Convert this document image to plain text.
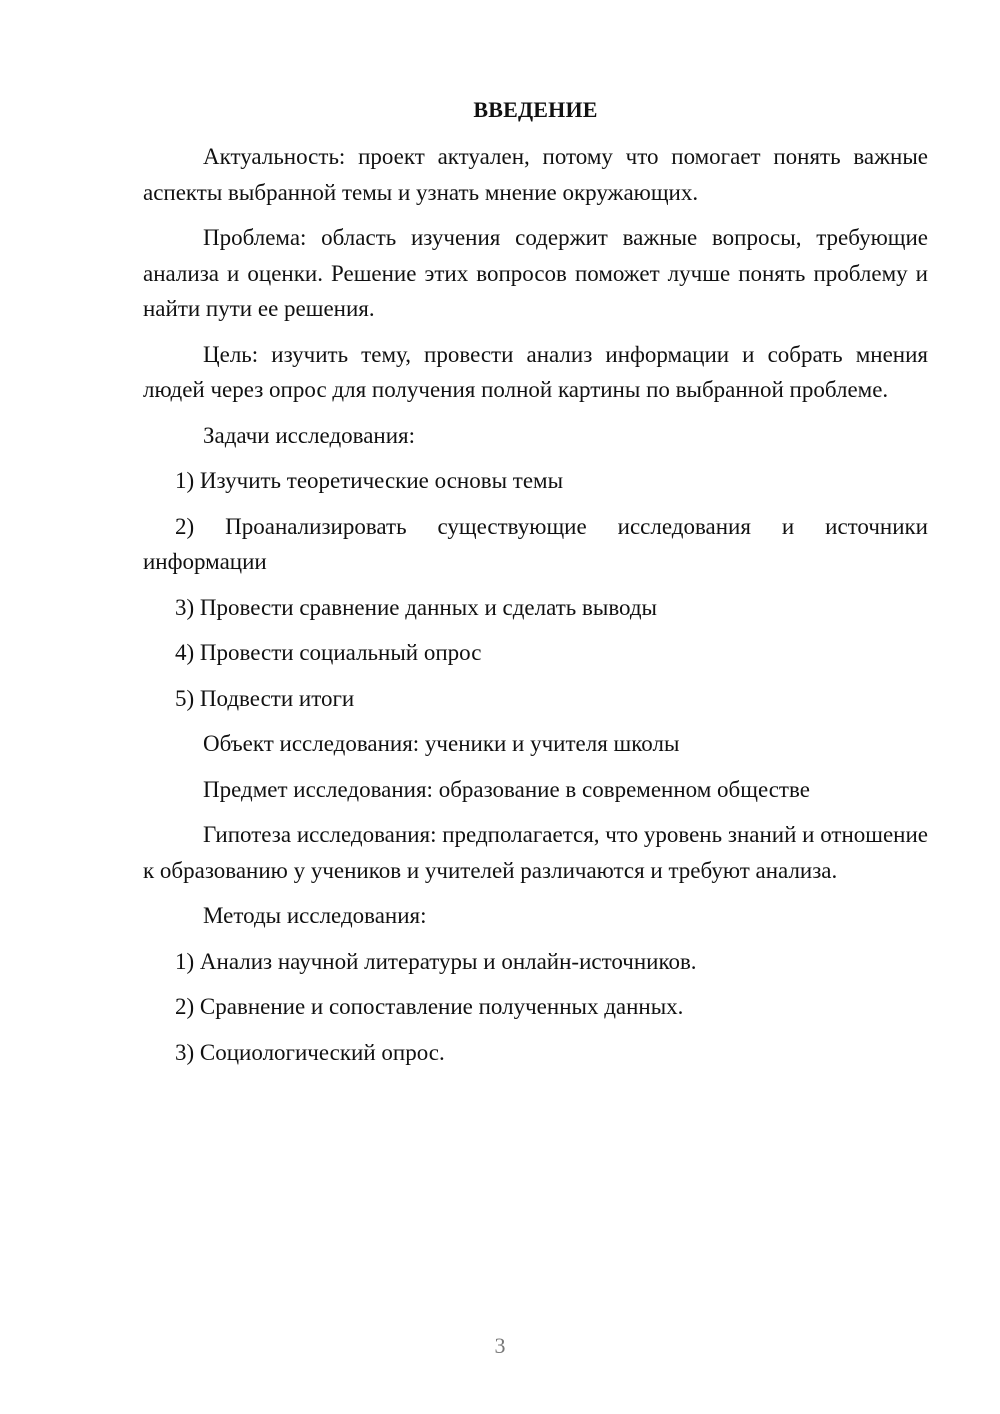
ВВЕДЕНИЕ

Актуальность: проект актуален, потому что помогает понять важные аспекты выбранной темы и узнать мнение окружающих.

Проблема: область изучения содержит важные вопросы, требующие анализа и оценки. Решение этих вопросов поможет лучше понять проблему и найти пути ее решения.

Цель: изучить тему, провести анализ информации и собрать мнения людей через опрос для получения полной картины по выбранной проблеме.

Задачи исследования:

1) Изучить теоретические основы темы

2) Проанализировать существующие исследования и источники информации

3) Провести сравнение данных и сделать выводы

4) Провести социальный опрос

5) Подвести итоги

Объект исследования: ученики и учителя школы

Предмет исследования: образование в современном обществе

Гипотеза исследования: предполагается, что уровень знаний и отношение к образованию у учеников и учителей различаются и требуют анализа.

Методы исследования:

1) Анализ научной литературы и онлайн-источников.

2) Сравнение и сопоставление полученных данных.

3) Социологический опрос.

3
